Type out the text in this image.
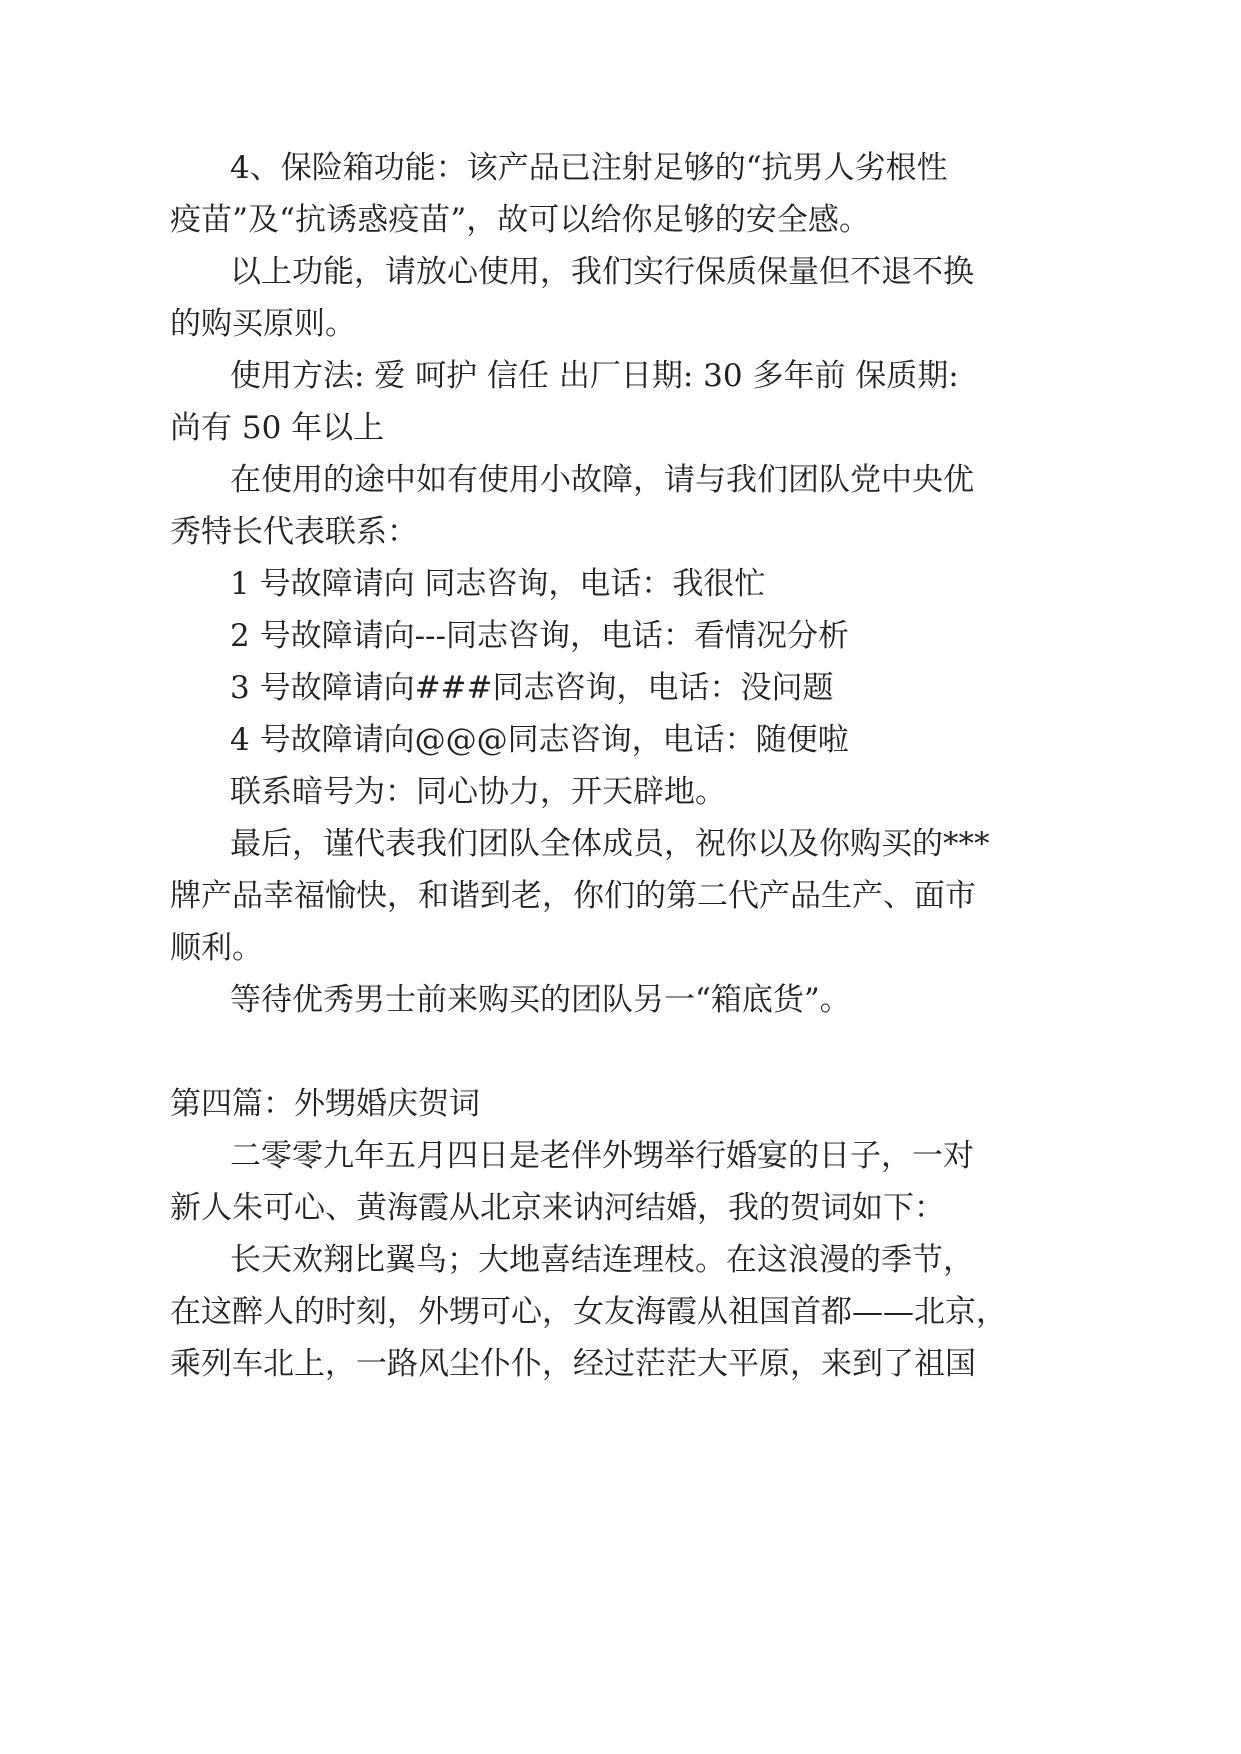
4、保险箱功能：该产品已注射足够的“抗男人劣根性

疫苗”及“抗诱惑疫苗”，故可以给你足够的安全感。

以上功能，请放心使用，我们实行保质保量但不退不换

的购买原则。

使用方法: 爱 呵护 信任 出厂日期: 30 多年前 保质期:

尚有 50 年以上

在使用的途中如有使用小故障，请与我们团队党中央优

秀特长代表联系：

1 号故障请向 同志咨询，电话：我很忙

2 号故障请向---同志咨询，电话：看情况分析

3 号故障请向###同志咨询，电话：没问题

4 号故障请向@@@同志咨询，电话：随便啦

联系暗号为：同心协力，开天辟地。

最后，谨代表我们团队全体成员，祝你以及你购买的***

牌产品幸福愉快，和谐到老，你们的第二代产品生产、面市

顺利。

等待优秀男士前来购买的团队另一“箱底货”。

第四篇：外甥婚庆贺词

二零零九年五月四日是老伴外甥举行婚宴的日子，一对

新人朱可心、黄海霞从北京来讷河结婚，我的贺词如下：

长天欢翔比翼鸟；大地喜结连理枝。在这浪漫的季节，

在这醉人的时刻，外甥可心，女友海霞从祖国首都——北京，

乘列车北上，一路风尘仆仆，经过茫茫大平原，来到了祖国
